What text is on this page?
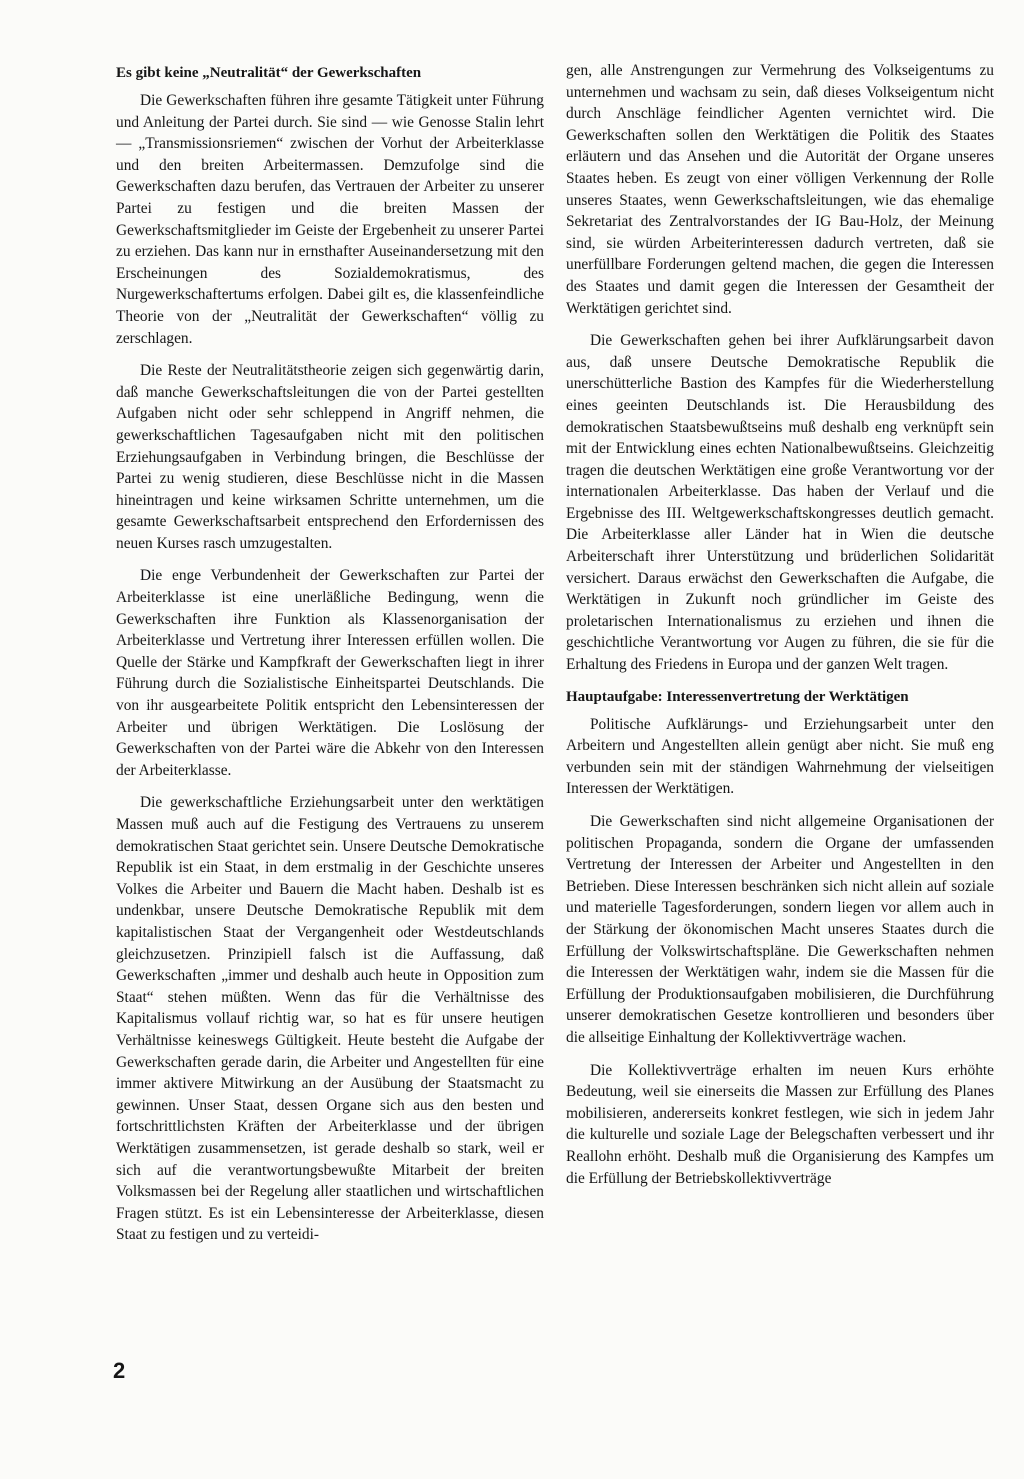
Es gibt keine „Neutralität“ der Gewerkschaften

Die Gewerkschaften führen ihre gesamte Tätigkeit unter Führung und Anleitung der Partei durch. Sie sind — wie Genosse Stalin lehrt — „Transmissionsriemen“ zwischen der Vorhut der Arbeiterklasse und den breiten Arbeitermassen. Demzufolge sind die Gewerkschaften dazu berufen, das Vertrauen der Arbeiter zu unserer Partei zu festigen und die breiten Massen der Gewerkschaftsmitglieder im Geiste der Ergebenheit zu unserer Partei zu erziehen. Das kann nur in ernsthafter Auseinandersetzung mit den Erscheinungen des Sozialdemokratismus, des Nurgewerkschaftertums erfolgen. Dabei gilt es, die klassenfeindliche Theorie von der „Neutralität der Gewerkschaften“ völlig zu zerschlagen.

Die Reste der Neutralitätstheorie zeigen sich gegenwärtig darin, daß manche Gewerkschaftsleitungen die von der Partei gestellten Aufgaben nicht oder sehr schleppend in Angriff nehmen, die gewerkschaftlichen Tagesaufgaben nicht mit den politischen Erziehungsaufgaben in Verbindung bringen, die Beschlüsse der Partei zu wenig studieren, diese Beschlüsse nicht in die Massen hineintragen und keine wirksamen Schritte unternehmen, um die gesamte Gewerkschaftsarbeit entsprechend den Erfordernissen des neuen Kurses rasch umzugestalten.

Die enge Verbundenheit der Gewerkschaften zur Partei der Arbeiterklasse ist eine unerläßliche Bedingung, wenn die Gewerkschaften ihre Funktion als Klassenorganisation der Arbeiterklasse und Vertretung ihrer Interessen erfüllen wollen. Die Quelle der Stärke und Kampfkraft der Gewerkschaften liegt in ihrer Führung durch die Sozialistische Einheitspartei Deutschlands. Die von ihr ausgearbeitete Politik entspricht den Lebensinteressen der Arbeiter und übrigen Werktätigen. Die Loslösung der Gewerkschaften von der Partei wäre die Abkehr von den Interessen der Arbeiterklasse.

Die gewerkschaftliche Erziehungsarbeit unter den werktätigen Massen muß auch auf die Festigung des Vertrauens zu unserem demokratischen Staat gerichtet sein. Unsere Deutsche Demokratische Republik ist ein Staat, in dem erstmalig in der Geschichte unseres Volkes die Arbeiter und Bauern die Macht haben. Deshalb ist es undenkbar, unsere Deutsche Demokratische Republik mit dem kapitalistischen Staat der Vergangenheit oder Westdeutschlands gleichzusetzen. Prinzipiell falsch ist die Auffassung, daß Gewerkschaften „immer und deshalb auch heute in Opposition zum Staat“ stehen müßten. Wenn das für die Verhältnisse des Kapitalismus vollauf richtig war, so hat es für unsere heutigen Verhältnisse keineswegs Gültigkeit. Heute besteht die Aufgabe der Gewerkschaften gerade darin, die Arbeiter und Angestellten für eine immer aktivere Mitwirkung an der Ausübung der Staatsmacht zu gewinnen. Unser Staat, dessen Organe sich aus den besten und fortschrittlichsten Kräften der Arbeiterklasse und der übrigen Werktätigen zusammensetzen, ist gerade deshalb so stark, weil er sich auf die verantwortungsbewußte Mitarbeit der breiten Volksmassen bei der Regelung aller staatlichen und wirtschaftlichen Fragen stützt. Es ist ein Lebensinteresse der Arbeiterklasse, diesen Staat zu festigen und zu verteidi-

gen, alle Anstrengungen zur Vermehrung des Volkseigentums zu unternehmen und wachsam zu sein, daß dieses Volkseigentum nicht durch Anschläge feindlicher Agenten vernichtet wird. Die Gewerkschaften sollen den Werktätigen die Politik des Staates erläutern und das Ansehen und die Autorität der Organe unseres Staates heben. Es zeugt von einer völligen Verkennung der Rolle unseres Staates, wenn Gewerkschaftsleitungen, wie das ehemalige Sekretariat des Zentralvorstandes der IG Bau-Holz, der Meinung sind, sie würden Arbeiterinteressen dadurch vertreten, daß sie unerfüllbare Forderungen geltend machen, die gegen die Interessen des Staates und damit gegen die Interessen der Gesamtheit der Werktätigen gerichtet sind.

Die Gewerkschaften gehen bei ihrer Aufklärungsarbeit davon aus, daß unsere Deutsche Demokratische Republik die unerschütterliche Bastion des Kampfes für die Wiederherstellung eines geeinten Deutschlands ist. Die Herausbildung des demokratischen Staatsbewußtseins muß deshalb eng verknüpft sein mit der Entwicklung eines echten Nationalbewußtseins. Gleichzeitig tragen die deutschen Werktätigen eine große Verantwortung vor der internationalen Arbeiterklasse. Das haben der Verlauf und die Ergebnisse des III. Weltgewerkschaftskongresses deutlich gemacht. Die Arbeiterklasse aller Länder hat in Wien die deutsche Arbeiterschaft ihrer Unterstützung und brüderlichen Solidarität versichert. Daraus erwächst den Gewerkschaften die Aufgabe, die Werktätigen in Zukunft noch gründlicher im Geiste des proletarischen Internationalismus zu erziehen und ihnen die geschichtliche Verantwortung vor Augen zu führen, die sie für die Erhaltung des Friedens in Europa und der ganzen Welt tragen.

Hauptaufgabe: Interessenvertretung der Werktätigen

Politische Aufklärungs- und Erziehungsarbeit unter den Arbeitern und Angestellten allein genügt aber nicht. Sie muß eng verbunden sein mit der ständigen Wahrnehmung der vielseitigen Interessen der Werktätigen.

Die Gewerkschaften sind nicht allgemeine Organisationen der politischen Propaganda, sondern die Organe der umfassenden Vertretung der Interessen der Arbeiter und Angestellten in den Betrieben. Diese Interessen beschränken sich nicht allein auf soziale und materielle Tagesforderungen, sondern liegen vor allem auch in der Stärkung der ökonomischen Macht unseres Staates durch die Erfüllung der Volkswirtschaftspläne. Die Gewerkschaften nehmen die Interessen der Werktätigen wahr, indem sie die Massen für die Erfüllung der Produktionsaufgaben mobilisieren, die Durchführung unserer demokratischen Gesetze kontrollieren und besonders über die allseitige Einhaltung der Kollektivverträge wachen.

Die Kollektivverträge erhalten im neuen Kurs erhöhte Bedeutung, weil sie einerseits die Massen zur Erfüllung des Planes mobilisieren, andererseits konkret festlegen, wie sich in jedem Jahr die kulturelle und soziale Lage der Belegschaften verbessert und ihr Reallohn erhöht. Deshalb muß die Organisierung des Kampfes um die Erfüllung der Betriebskollektivverträge

2
